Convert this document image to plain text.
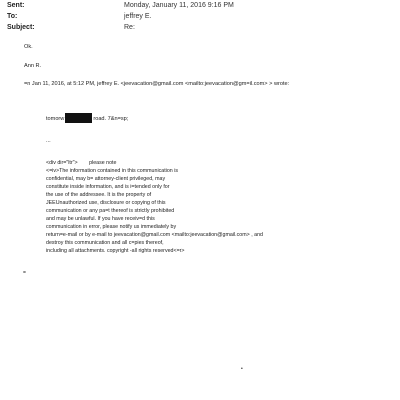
Sent:	Monday, January 11, 2016 9:16 PM
To:	jeffrey E.
Subject:	Re:
Ok.
Ann R.
=n Jan 11, 2016, at 5:12 PM, jeffrey E. <jeevacation@gmail.com <mailto:jeevacation@gm=il.com> > wrote:
tomorw	road. 7&n=sp;
...
<div dir="ltr"> please note
<=iv>The information contained in this communication is
confidential, may b= attorney-client privileged, may
constitute inside information, and is i=tended only for
the use of the addressee. It is the property of
JEEUnauthorized use, disclosure or copying of this
communication or any pa=t thereof is strictly prohibited
and may be unlawful. If you have receiv=d this
communication in error, please notify us immediately by
return=e-mail or by e-mail to jeevacation@gmail.com <mailto:jeevacation@gmail.com> , and
destroy this communication and all c=pies thereof,
including all attachments. copyright -all rights reserved<=r>
=
•
